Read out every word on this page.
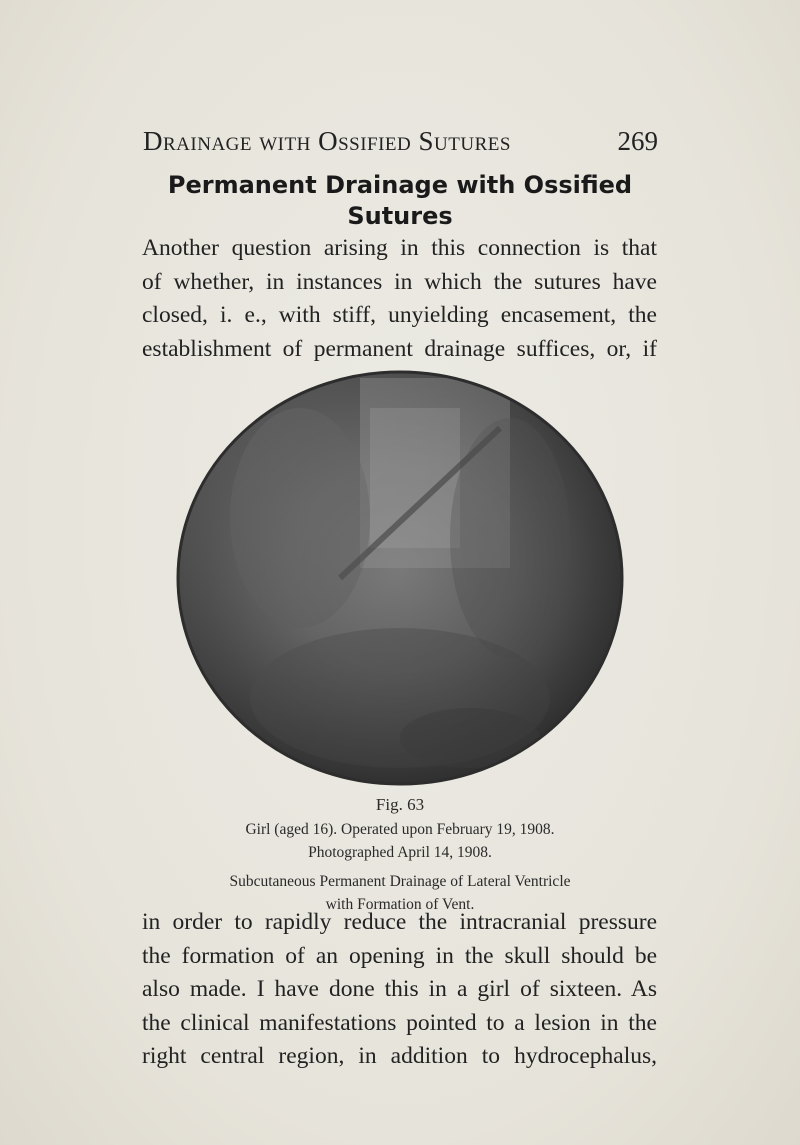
Drainage with Ossified Sutures	269
Permanent Drainage with Ossified
Sutures
Another question arising in this connection is that
of whether, in instances in which the sutures have
closed, i. e., with stiff, unyielding encasement, the
establishment of permanent drainage suffices, or, if
Fig. 63
Girl (aged 16). Operated upon February 19, 1908.
Photographed April 14, 1908.
Subcutaneous Permanent Drainage of Lateral Ventricle
with Formation of Vent.
in order to rapidly reduce the intracranial pressure
the formation of an opening in the skull should be
also made. I have done this in a girl of sixteen. As
the clinical manifestations pointed to a lesion in the
right central region, in addition to hydrocephalus,
